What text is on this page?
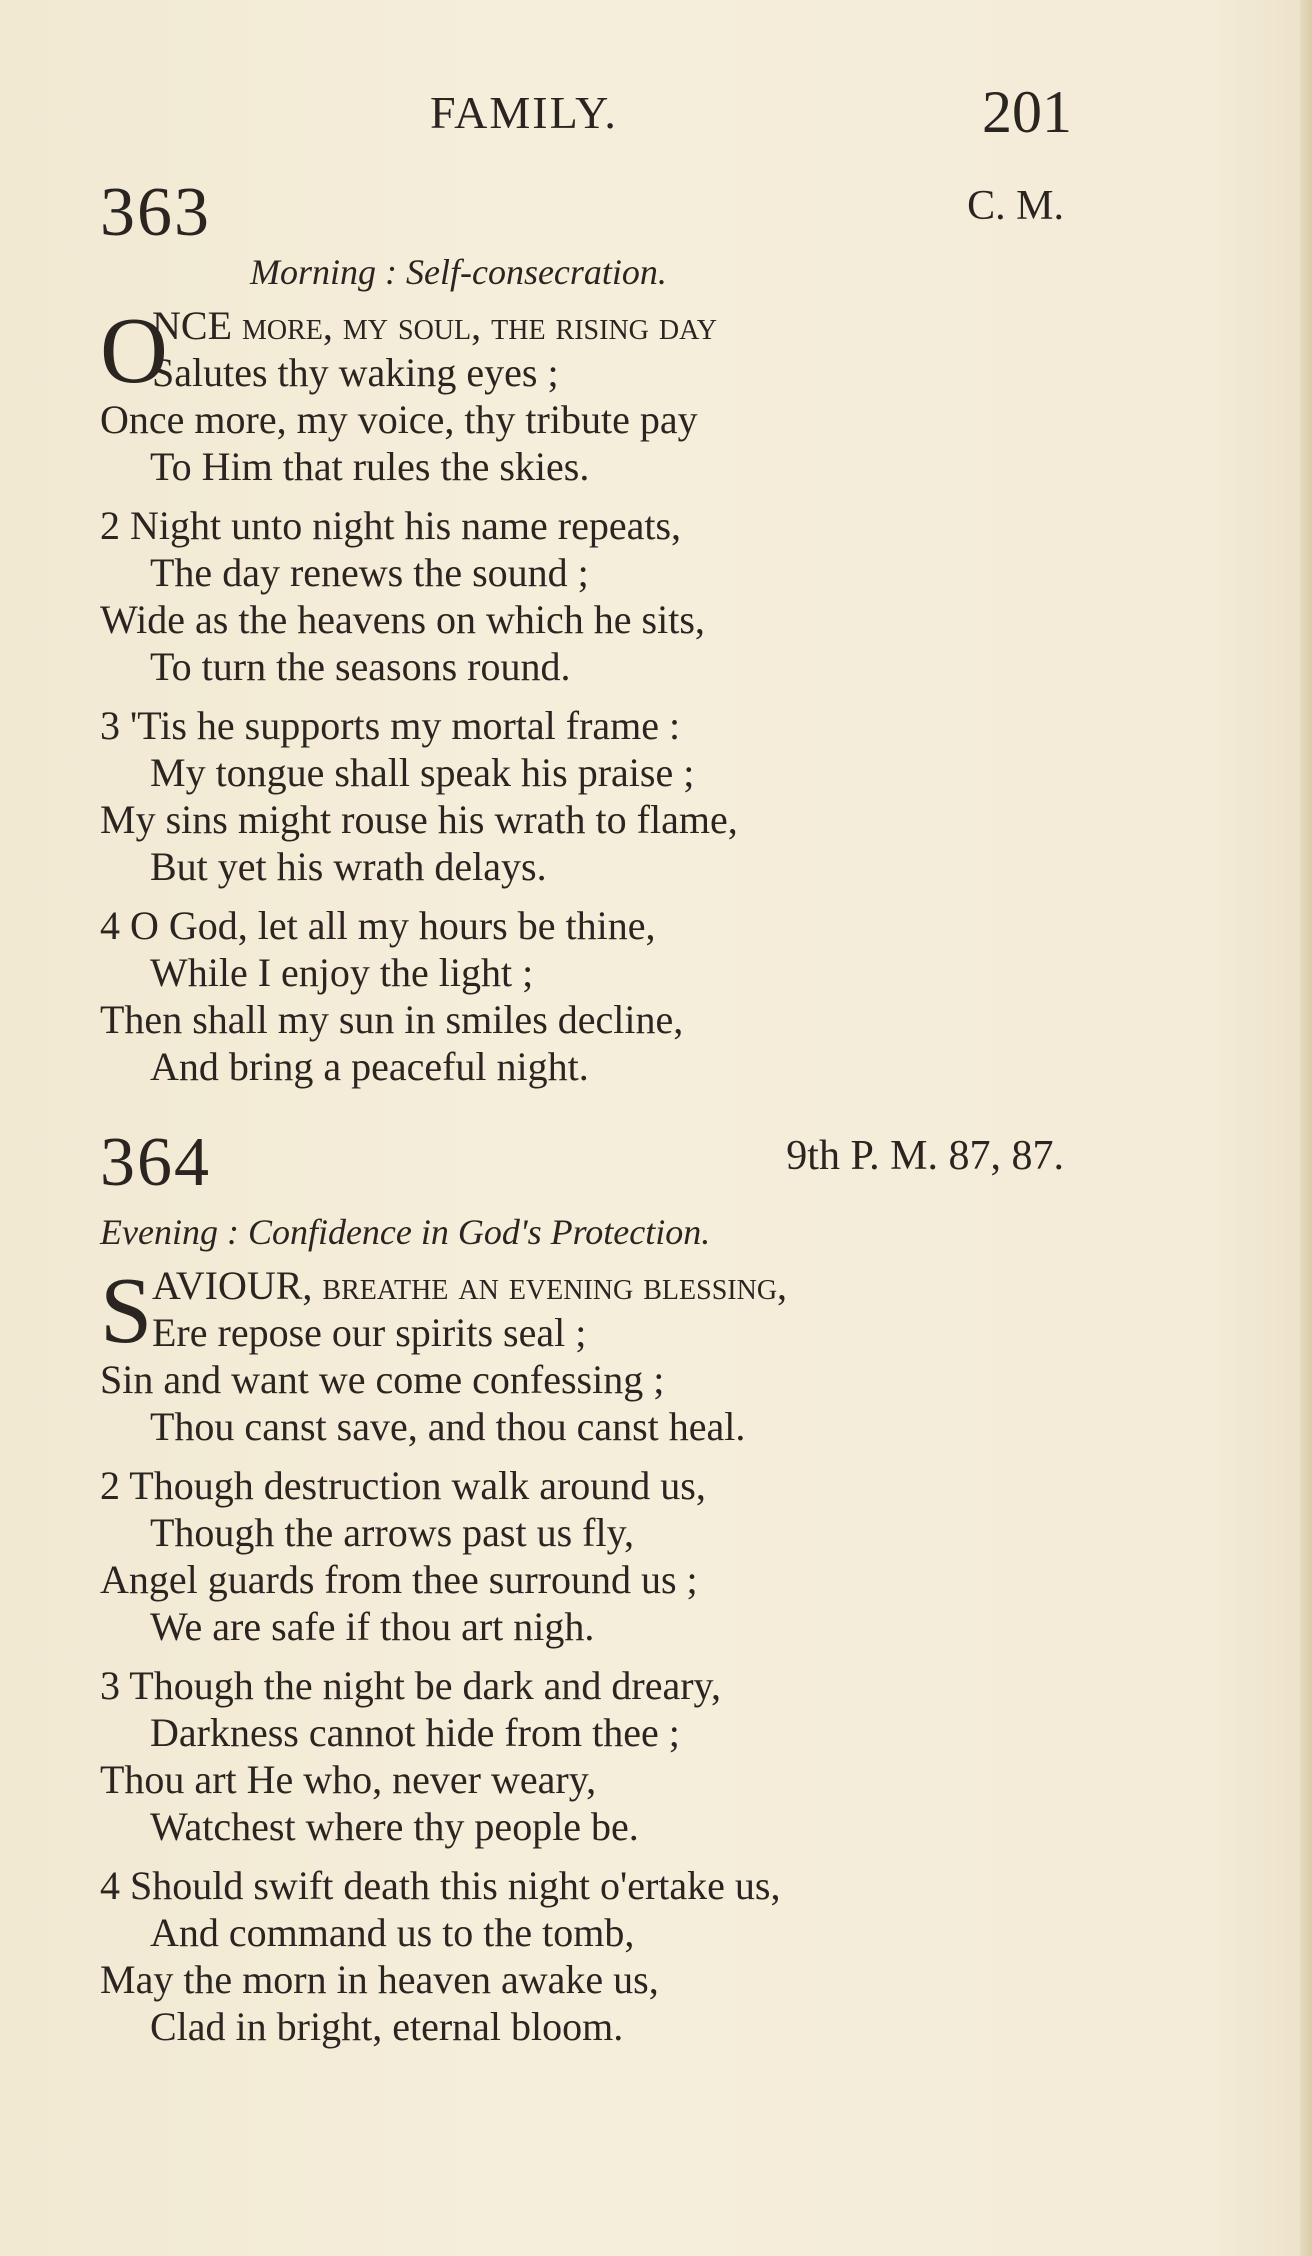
FAMILY.	201
363	C. M.
Morning : Self-consecration.
O
NCE more, my soul, the rising day
Salutes thy waking eyes ;
Once more, my voice, thy tribute pay
To Him that rules the skies.
2 Night unto night his name repeats,
The day renews the sound ;
Wide as the heavens on which he sits,
To turn the seasons round.
3 'Tis he supports my mortal frame :
My tongue shall speak his praise ;
My sins might rouse his wrath to flame,
But yet his wrath delays.
4 O God, let all my hours be thine,
While I enjoy the light ;
Then shall my sun in smiles decline,
And bring a peaceful night.
364	9th P. M. 87, 87.
Evening : Confidence in God's Protection.
S AVIOUR, breathe an evening blessing,
Ere repose our spirits seal ;
Sin and want we come confessing ;
Thou canst save, and thou canst heal.
2 Though destruction walk around us,
Though the arrows past us fly,
Angel guards from thee surround us ;
We are safe if thou art nigh.
3 Though the night be dark and dreary,
Darkness cannot hide from thee ;
Thou art He who, never weary,
Watchest where thy people be.
4 Should swift death this night o'ertake us,
And command us to the tomb,
May the morn in heaven awake us,
Clad in bright, eternal bloom.
